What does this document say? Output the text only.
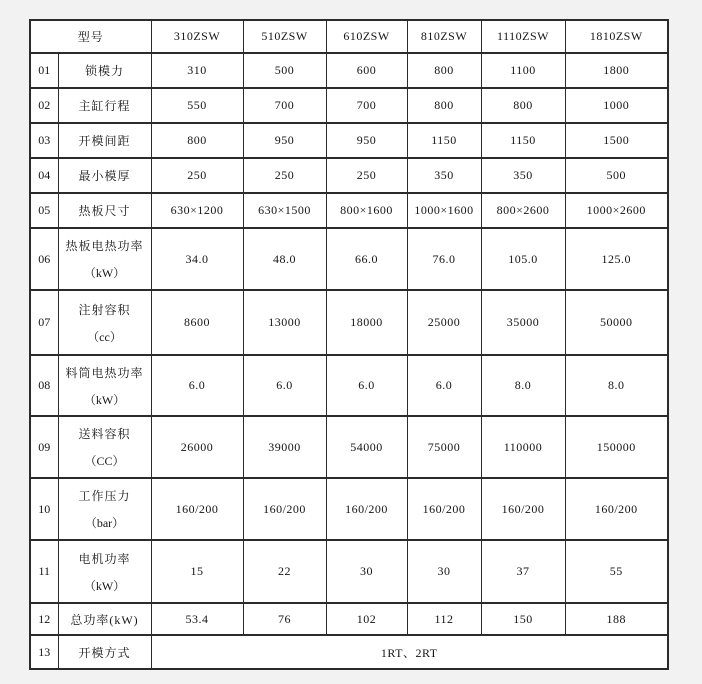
型号		310ZSW	510ZSW	610ZSW	810ZSW	1110ZSW	1810ZSW
01	锁模力	310	500	600	800	1100	1800
02	主缸行程	550	700	700	800	800	1000
03	开模间距	800	950	950	1150	1150	1500
04	最小模厚	250	250	250	350	350	500
05	热板尺寸	630×1200	630×1500	800×1600	1000×1600	800×2600	1000×2600
06	热板电热功率
（kW）	34.0	48.0	66.0	76.0	105.0	125.0
07	注射容积
（cc）	8600	13000	18000	25000	35000	50000
08	料筒电热功率
（kW）	6.0	6.0	6.0	6.0	8.0	8.0
09	送料容积
（CC）	26000	39000	54000	75000	110000	150000
10	工作压力
（bar）	160/200	160/200	160/200	160/200	160/200	160/200
11	电机功率
（kW）	15	22	30	30	37	55
12	总功率(kW)	53.4	76	102	112	150	188
13	开模方式	1RT、2RT					
